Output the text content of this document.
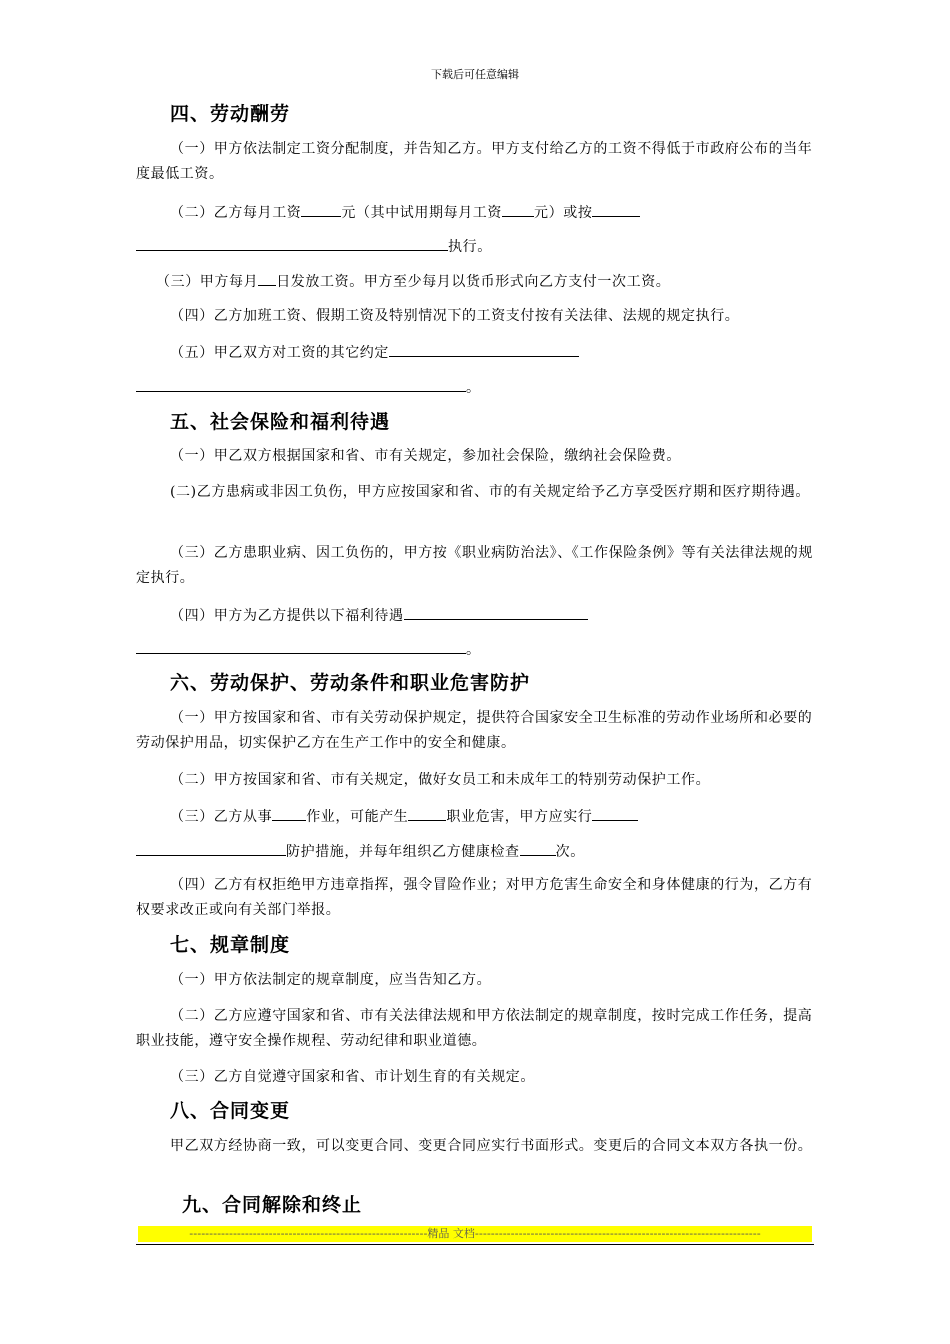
下载后可任意编辑
四、劳动酬劳

（一）甲方依法制定工资分配制度，并告知乙方。甲方支付给乙方的工资不得低于市政府公布的当年度最低工资。

（二）乙方每月工资	元（其中试用期每月工资 元）或按

执行。

（三）甲方每月 日发放工资。甲方至少每月以货币形式向乙方支付一次工资。

（四）乙方加班工资、假期工资及特别情况下的工资支付按有关法律、法规的规定执行。

（五）甲乙双方对工资的其它约定

。

五、社会保险和福利待遇

（一）甲乙双方根据国家和省、市有关规定，参加社会保险，缴纳社会保险费。

(二)乙方患病或非因工负伤，甲方应按国家和省、市的有关规定给予乙方享受医疗期和医疗期待遇。

（三）乙方患职业病、因工负伤的，甲方按《职业病防治法》、《工作保险条例》等有关法律法规的规定执行。

（四）甲方为乙方提供以下福利待遇

。

六、劳动保护、劳动条件和职业危害防护

（一）甲方按国家和省、市有关劳动保护规定，提供符合国家安全卫生标准的劳动作业场所和必要的劳动保护用品，切实保护乙方在生产工作中的安全和健康。

（二）甲方按国家和省、市有关规定，做好女员工和未成年工的特别劳动保护工作。

（三）乙方从事 作业，可能产生	职业危害，甲方应实行

防护措施，并每年组织乙方健康检查	次。

（四）乙方有权拒绝甲方违章指挥，强令冒险作业；对甲方危害生命安全和身体健康的行为，乙方有权要求改正或向有关部门举报。

七、规章制度

（一）甲方依法制定的规章制度，应当告知乙方。

（二）乙方应遵守国家和省、市有关法律法规和甲方依法制定的规章制度，按时完成工作任务，提高职业技能，遵守安全操作规程、劳动纪律和职业道德。

（三）乙方自觉遵守国家和省、市计划生育的有关规定。

八、合同变更

甲乙双方经协商一致，可以变更合同、变更合同应实行书面形式。变更后的合同文本双方各执一份。

九、合同解除和终止
------------------------------------------------------------精品 文档------------------------------------------------------------------------
